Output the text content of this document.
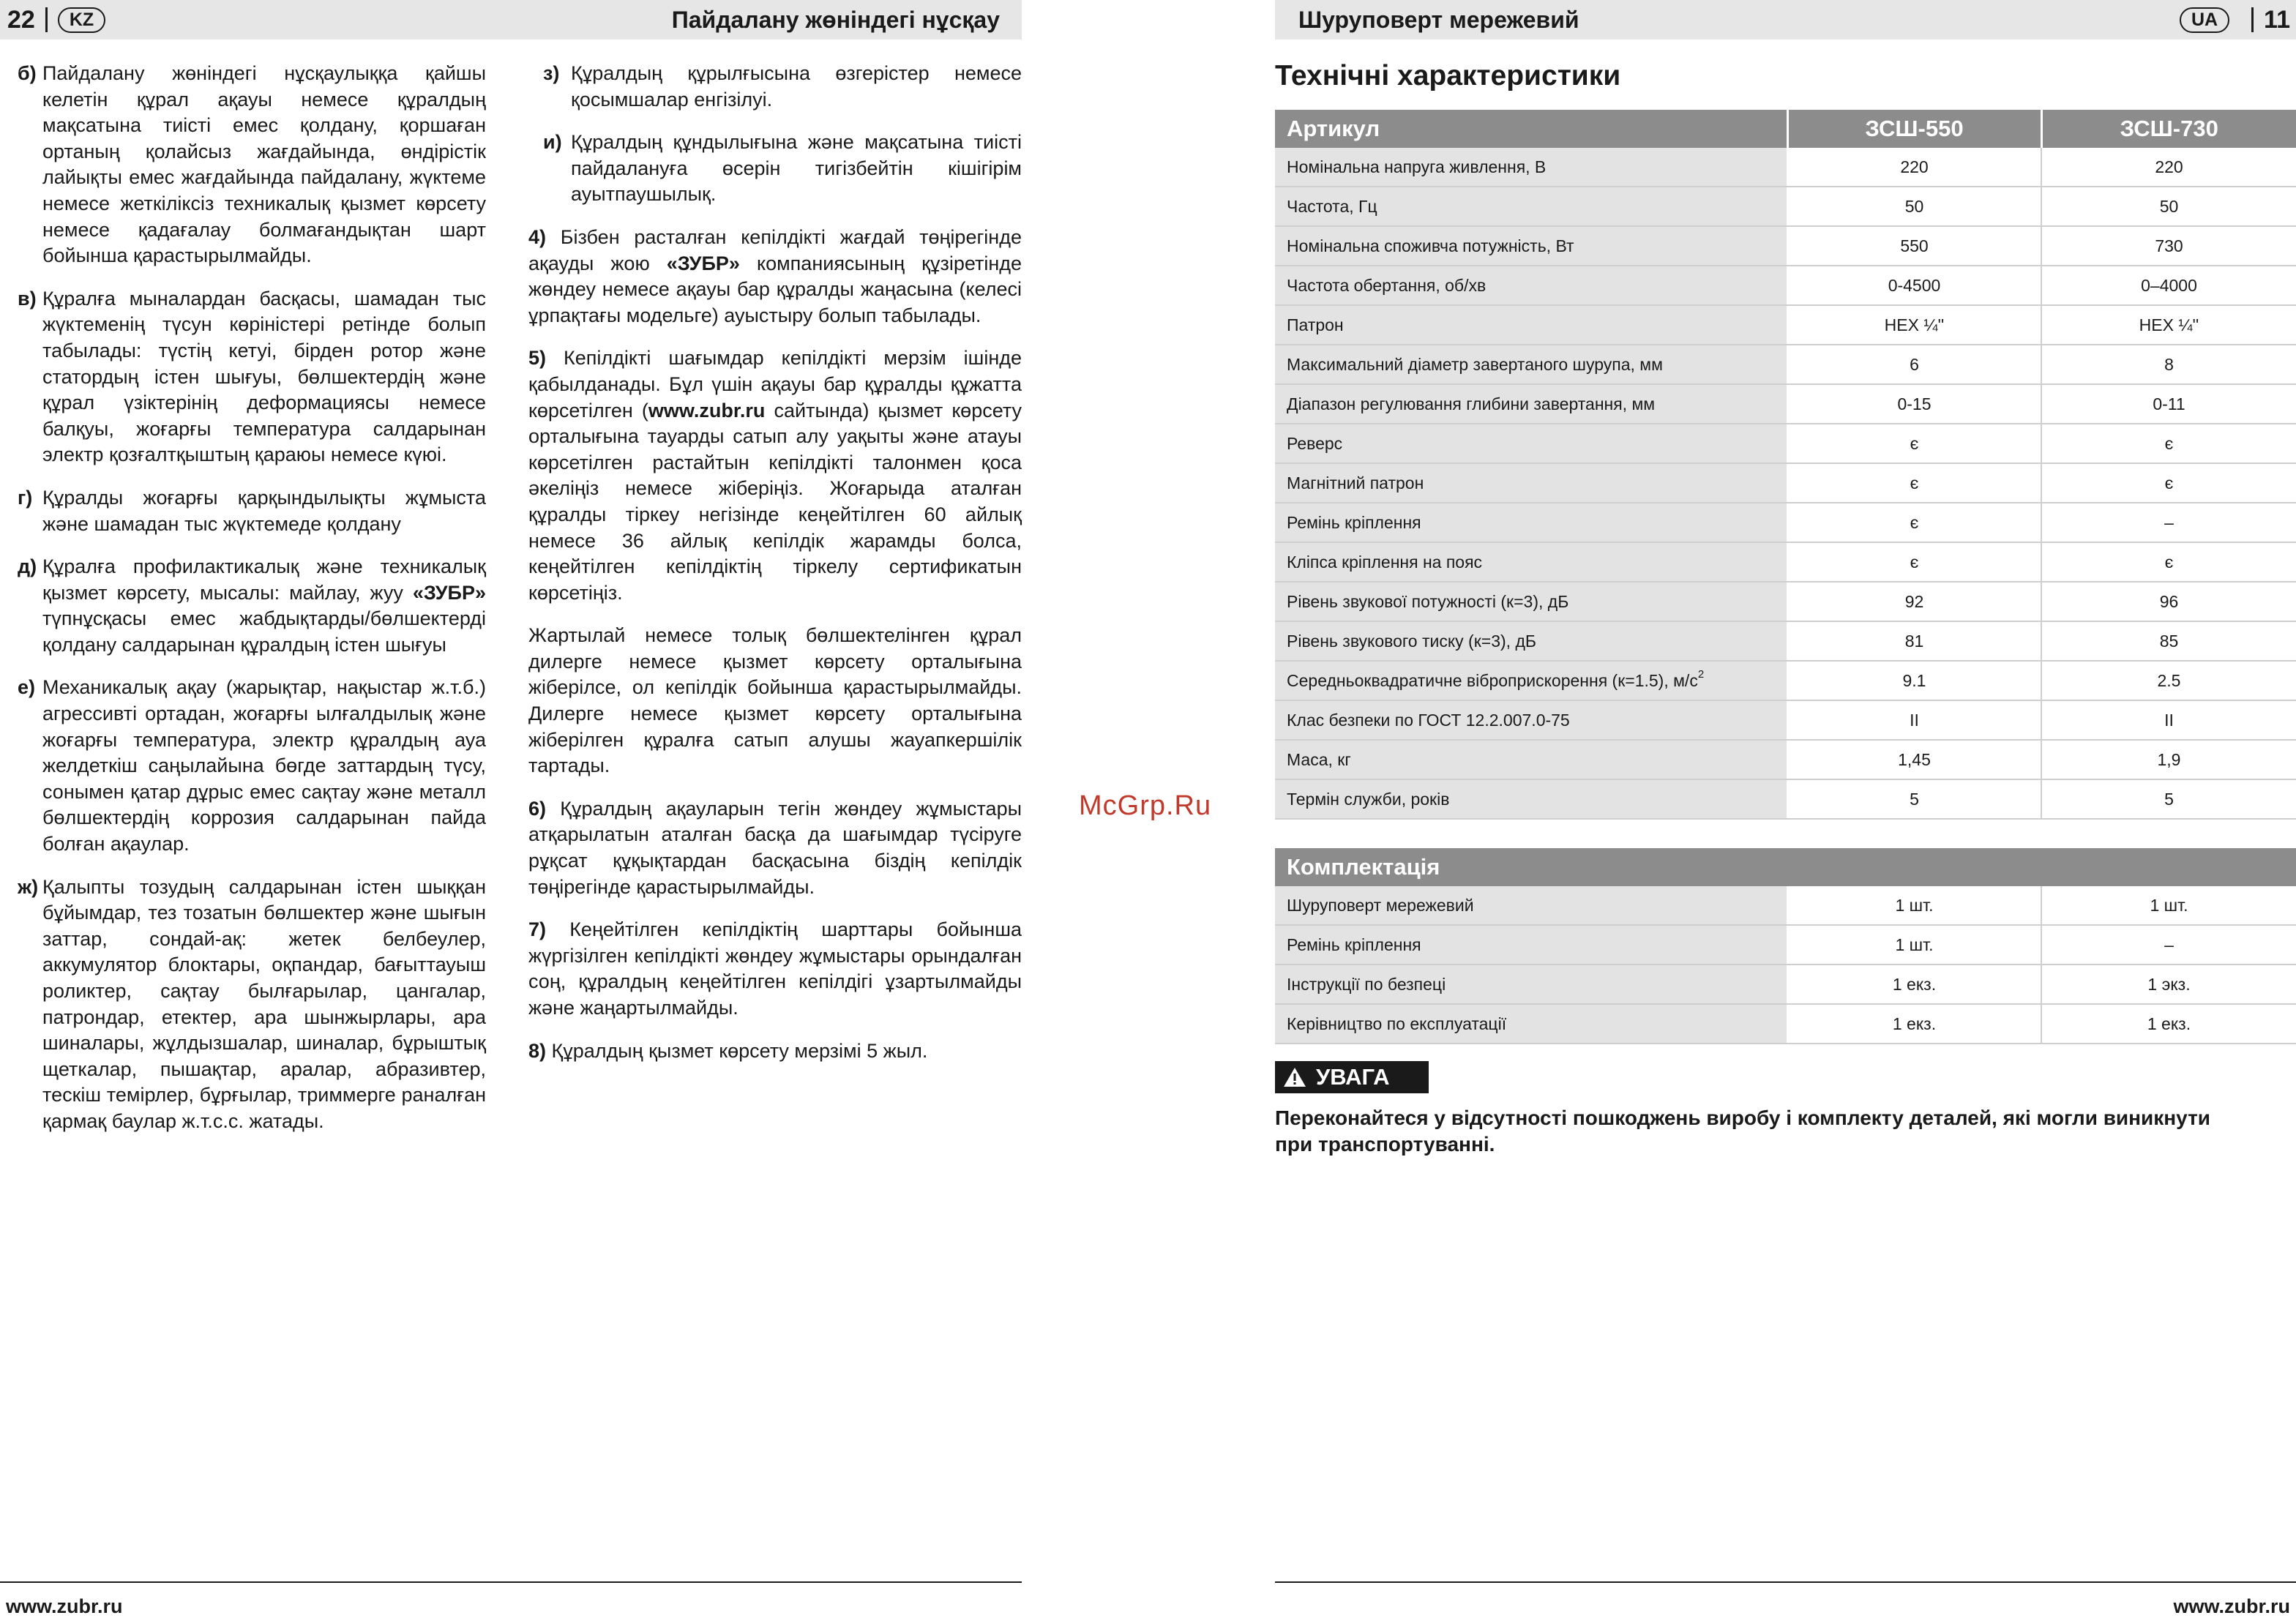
22	KZ	Пайдалану жөніндегі нұсқау
б) Пайдалану жөніндегі нұсқаулыққа қайшы келетін құрал ақауы немесе құралдың мақсатына тиісті емес қолдану, қоршаған ортаның қолайсыз жағдайында, өндірістік лайықты емес жағдайында пайдалану, жүктеме немесе жеткіліксіз техникалық қызмет көрсету немесе қадағалау болмағандықтан шарт бойынша қарастырылмайды.
в) Құралға мыналардан басқасы, шамадан тыс жүктеменің түсун көріністері ретінде болып табылады: түстің кетуі, бірден ротор және статордың істен шығуы, бөлшектердің және құрал үзіктерінің деформациясы немесе балқуы, жоғарғы температура салдарынан электр қозғалтқыштың қараюы немесе күюі.
г) Құралды жоғарғы қарқындылықты жұмыста және шамадан тыс жүктемеде қолдану
д) Құралға профилактикалық және техникалық қызмет көрсету, мысалы: майлау, жуу «ЗУБР» түпнұсқасы емес жабдықтарды/бөлшектерді қолдану салдарынан құралдың істен шығуы
е) Механикалық ақау (жарықтар, нақыстар ж.т.б.) агрессивті ортадан, жоғарғы ылғалдылық және жоғарғы температура, электр құралдың ауа желдеткіш саңылайына бөгде заттардың түсу, сонымен қатар дұрыс емес сақтау және металл бөлшектердің коррозия салдарынан пайда болған ақаулар.
ж) Қалыпты тозудың салдарынан істен шыққан бұйымдар, тез тозатын бөлшектер және шығын заттар, сондай-ақ: жетек белбеулер, аккумулятор блоктары, оқпандар, бағыттауыш роликтер, сақтау былғарылар, цангалар, патрондар, етектер, ара шынжырлары, ара шиналары, жұлдызшалар, шиналар, бұрыштық щеткалар, пышақтар, аралар, абразивтер, тескіш темірлер, бұрғылар, триммерге раналған қармақ баулар ж.т.с.с. жатады.
з) Құралдың құрылғысына өзгерістер немесе қосымшалар енгізілуі.
и) Құралдың құндылығына және мақсатына тиісті пайдалануға өсерін тигізбейтін кішігірім ауытпаушылық.

4) Бізбен расталған кепілдікті жағдай төңірегінде ақауды жою «ЗУБР» компаниясының құзіретінде жөндеу немесе ақауы бар құралды жаңасына (келесі ұрпақтағы модельге) ауыстыру болып табылады.

5) Кепілдікті шағымдар кепілдікті мерзім ішінде қабылданады. Бұл үшін ақауы бар құралды құжатта көрсетілген (www.zubr.ru сайтында) қызмет көрсету орталығына тауарды сатып алу уақыты және атауы көрсетілген растайтын кепілдікті талонмен қоса әкеліңіз немесе жіберіңіз. Жоғарыда аталған құралды тіркеу негізінде кеңейтілген 60 айлық немесе 36 айлық кепілдік жарамды болса, кеңейтілген кепілдіктің тіркелу сертификатын көрсетіңіз.

Жартылай немесе толық бөлшектелінген құрал дилерге немесе қызмет көрсету орталығына жіберілсе, ол кепілдік бойынша қарастырылмайды. Дилерге немесе қызмет көрсету орталығына жіберілген құралға сатып алушы жауапкершілік тартады.

6) Құралдың ақауларын тегін жөндеу жұмыстары атқарылатын аталған басқа да шағымдар түсіруге рұқсат құқықтардан басқасына біздің кепілдік төңірегінде қарастырылмайды.

7) Кеңейтілген кепілдіктің шарттары бойынша жүргізілген кепілдікті жөндеу жұмыстары орындалған соң, құралдың кеңейтілген кепілдігі ұзартылмайды және жаңартылмайды.

8) Құралдың қызмет көрсету мерзімі 5 жыл.

www.zubr.ru
McGrp.Ru
Шуруповерт мережевий	UA	11
Технічні характеристики
Артикул	ЗСШ-550	ЗСШ-730
Номінальна напруга живлення, В	220	220
Частота, Гц	50	50
Номінальна споживча потужність, Вт	550	730
Частота обертання, об/хв	0-4500	0–4000
Патрон	HEX ¼''	HEX ¼''
Максимальний діаметр завертаного шурупа, мм	6	8
Діапазон регулювання глибини завертання, мм	0-15	0-11
Реверс	є	є
Магнітний патрон	є	є
Ремінь кріплення	є	–
Кліпса кріплення на пояс	є	є
Рівень звукової потужності (к=3), дБ	92	96
Рівень звукового тиску (к=3), дБ	81	85
Середньоквадратичне віброприскорення (к=1.5), $м/с^2$	9.1	2.5
Клас безпеки по ГОСТ 12.2.007.0-75	II	II
Маса, кг	1,45	1,9
Термін служби, років	5	5
Комплектація		
Шуруповерт мережевий	1 шт.	1 шт.
Ремінь кріплення	1 шт.	–
Інструкції по безпеці	1 екз.	1 экз.
Керівництво по експлуатації	1 екз.	1 екз.
УВАГА
Переконайтеся у відсутності пошкоджень виробу і комплекту деталей, які могли виникнути при транспортуванні.
www.zubr.ru
